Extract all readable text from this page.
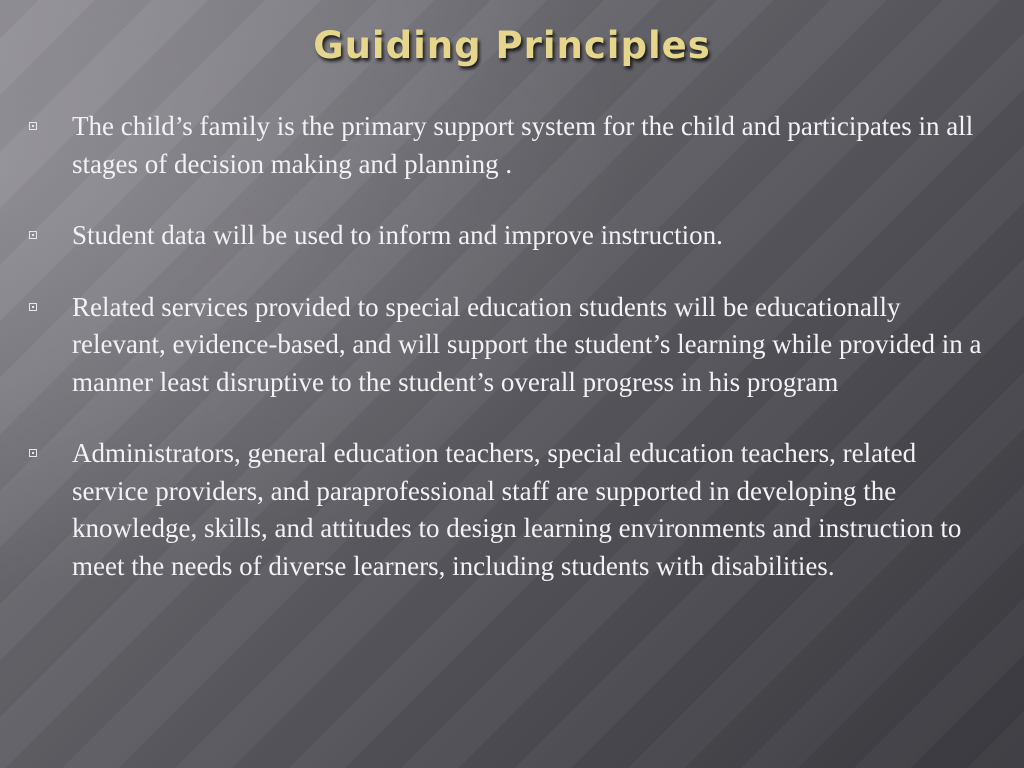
Guiding Principles
The child’s family is the primary support system for the child and participates in all stages of decision making and planning .
Student data will be used to inform and improve instruction.
Related services provided to special education students will be educationally relevant, evidence-based, and will support the student’s learning while provided in a manner least disruptive to the student’s overall progress in his program
Administrators, general education teachers, special education teachers, related service providers, and paraprofessional staff are supported in developing the knowledge, skills, and attitudes to design learning environments and instruction to meet the needs of diverse learners, including students with disabilities.
